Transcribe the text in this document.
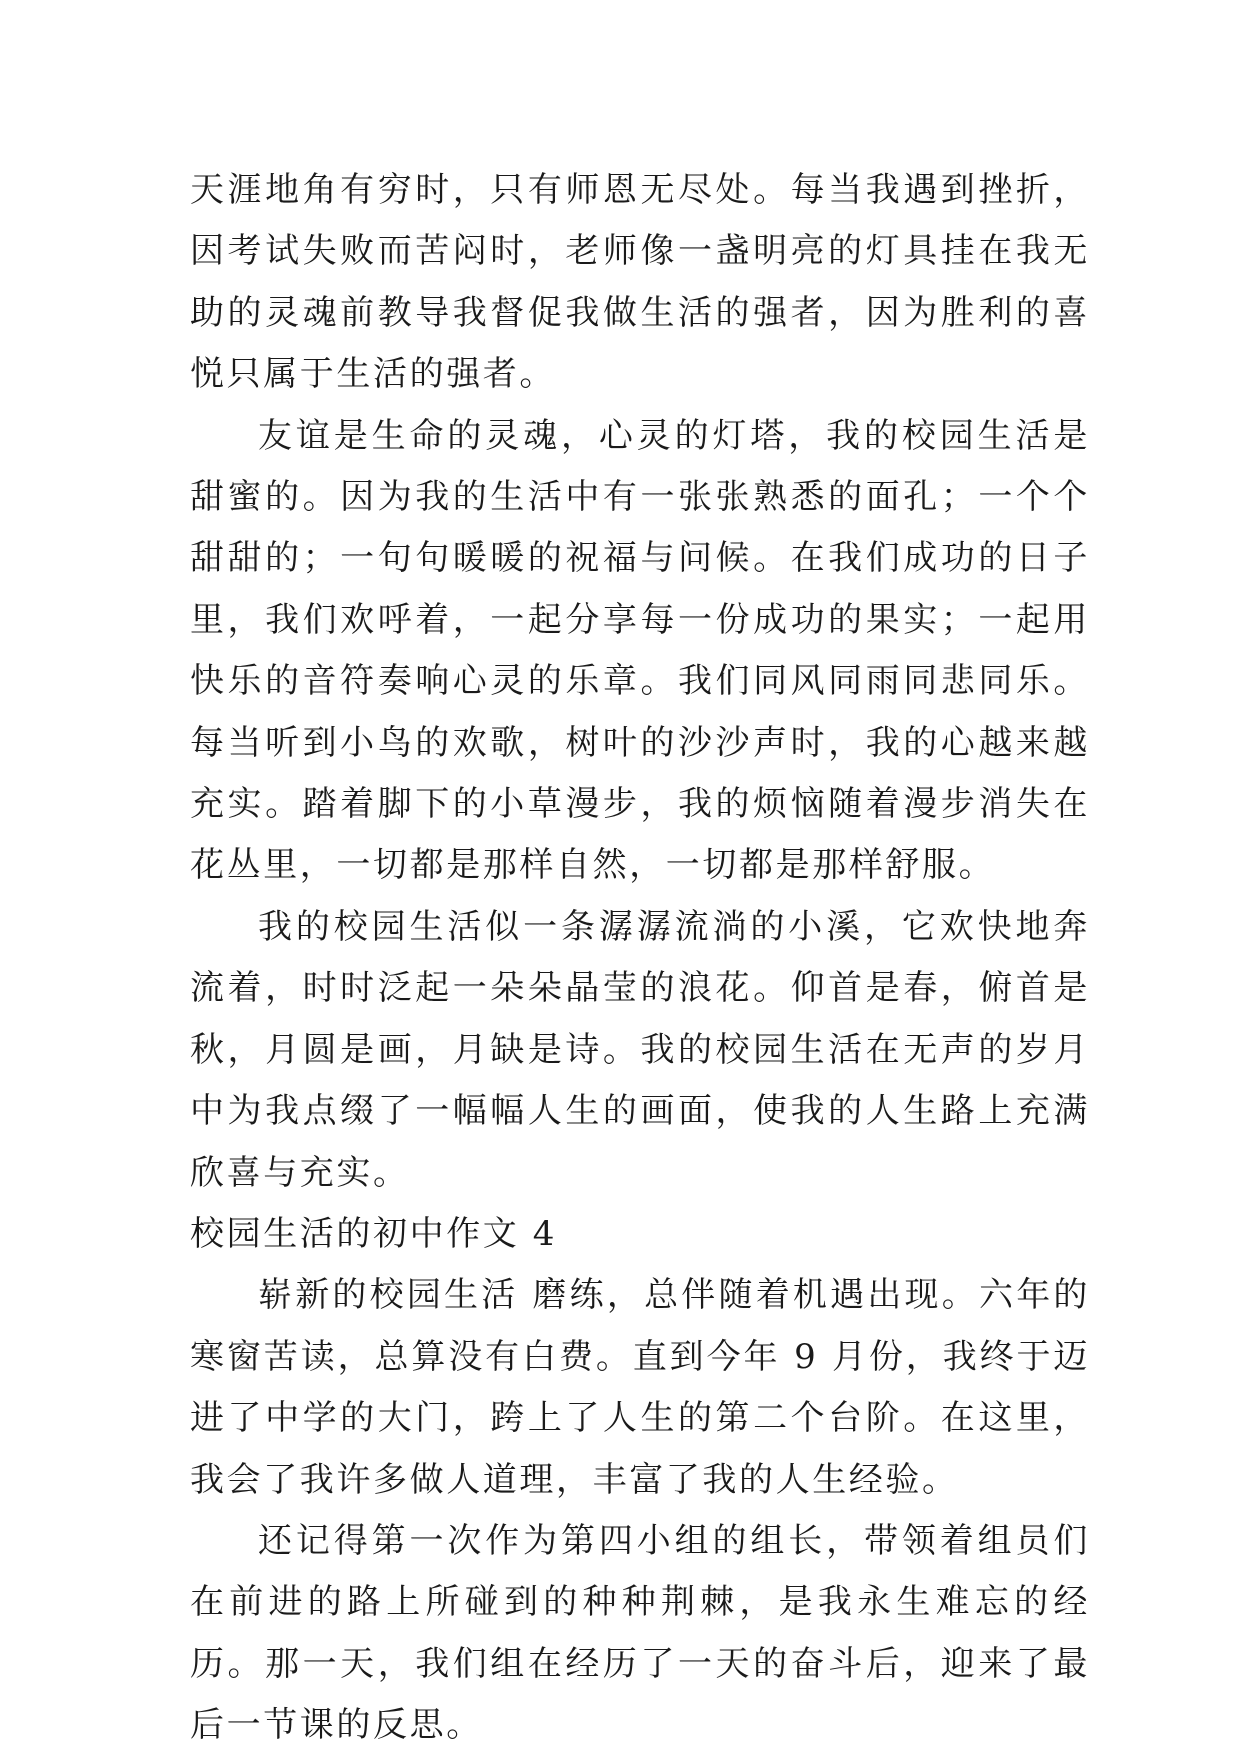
天涯地角有穷时，只有师恩无尽处。每当我遇到挫折，因考试失败而苦闷时，老师像一盏明亮的灯具挂在我无助的灵魂前教导我督促我做生活的强者，因为胜利的喜悦只属于生活的强者。

友谊是生命的灵魂，心灵的灯塔，我的校园生活是甜蜜的。因为我的生活中有一张张熟悉的面孔；一个个甜甜的；一句句暖暖的祝福与问候。在我们成功的日子里，我们欢呼着，一起分享每一份成功的果实；一起用快乐的音符奏响心灵的乐章。我们同风同雨同悲同乐。每当听到小鸟的欢歌，树叶的沙沙声时，我的心越来越充实。踏着脚下的小草漫步，我的烦恼随着漫步消失在花丛里，一切都是那样自然，一切都是那样舒服。

我的校园生活似一条潺潺流淌的小溪，它欢快地奔流着，时时泛起一朵朵晶莹的浪花。仰首是春，俯首是秋，月圆是画，月缺是诗。我的校园生活在无声的岁月中为我点缀了一幅幅人生的画面，使我的人生路上充满欣喜与充实。

校园生活的初中作文 4

崭新的校园生活 磨练，总伴随着机遇出现。六年的寒窗苦读，总算没有白费。直到今年 9 月份，我终于迈进了中学的大门，跨上了人生的第二个台阶。在这里，我会了我许多做人道理，丰富了我的人生经验。

还记得第一次作为第四小组的组长，带领着组员们在前进的路上所碰到的种种荆棘，是我永生难忘的经历。那一天，我们组在经历了一天的奋斗后，迎来了最后一节课的反思。
